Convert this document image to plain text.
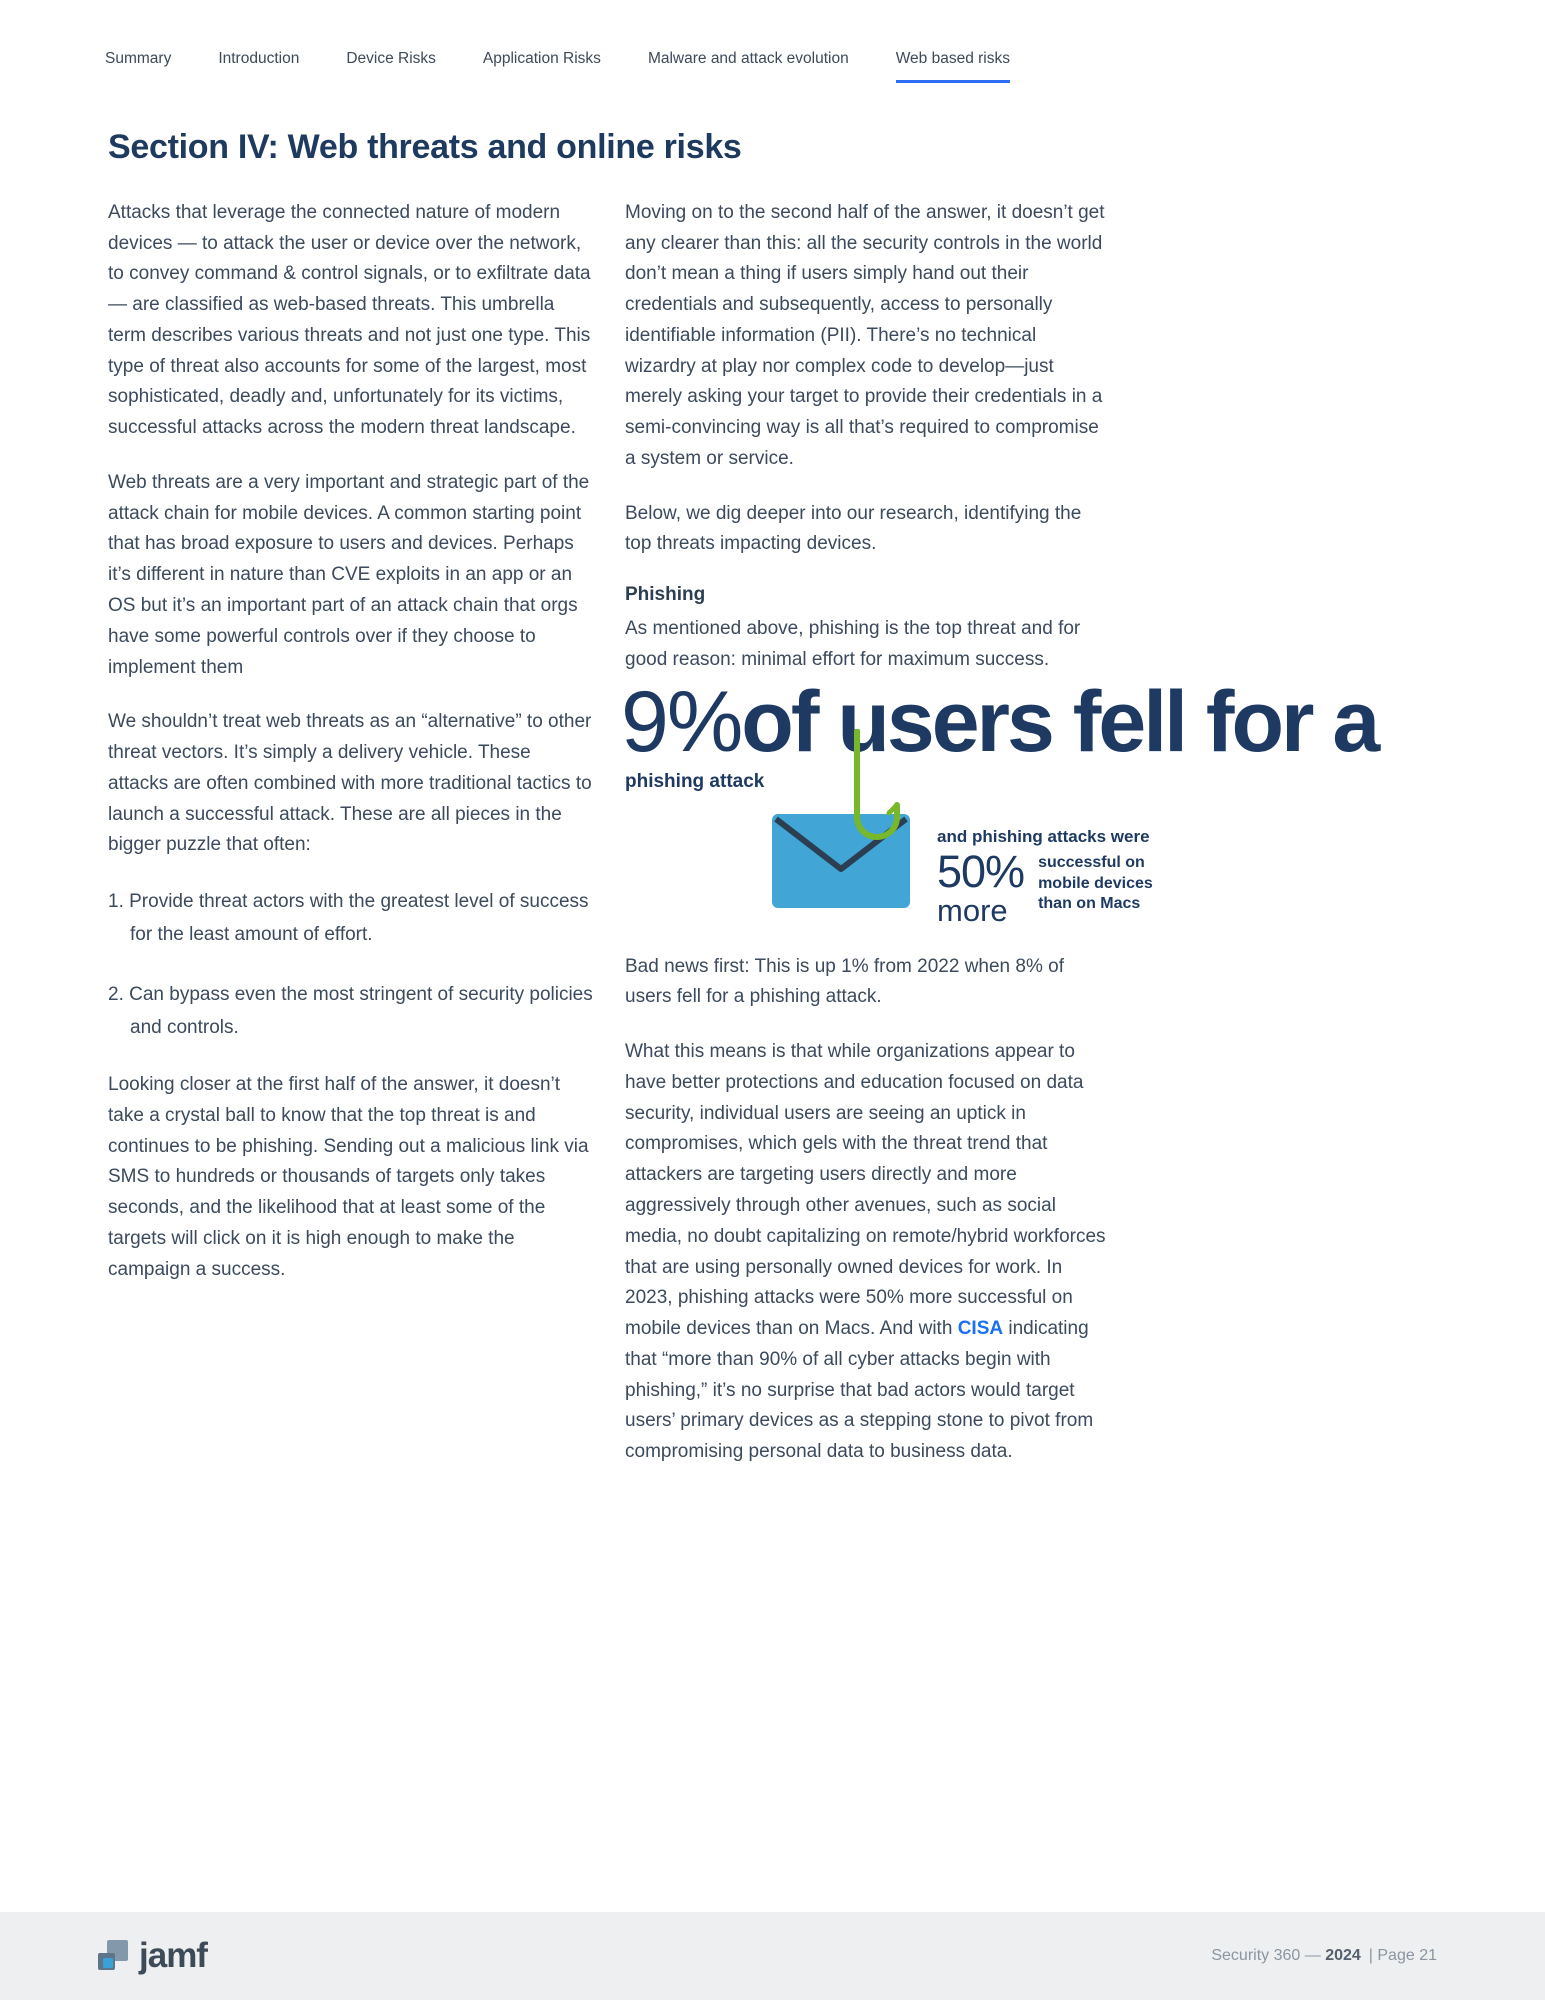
Summary	Introduction	Device Risks	Application Risks	Malware and attack evolution	Web based risks
Section IV: Web threats and online risks

Attacks that leverage the connected nature of modern devices — to attack the user or device over the network, to convey command & control signals, or to exfiltrate data — are classified as web-based threats. This umbrella term describes various threats and not just one type. This type of threat also accounts for some of the largest, most sophisticated, deadly and, unfortunately for its victims, successful attacks across the modern threat landscape.

Web threats are a very important and strategic part of the attack chain for mobile devices. A common starting point that has broad exposure to users and devices. Perhaps it’s different in nature than CVE exploits in an app or an OS but it’s an important part of an attack chain that orgs have some powerful controls over if they choose to implement them

We shouldn’t treat web threats as an “alternative” to other threat vectors. It’s simply a delivery vehicle. These attacks are often combined with more traditional tactics to launch a successful attack. These are all pieces in the bigger puzzle that often:

1. Provide threat actors with the greatest level of success for the least amount of effort.

2. Can bypass even the most stringent of security policies and controls.

Looking closer at the first half of the answer, it doesn’t take a crystal ball to know that the top threat is and continues to be phishing. Sending out a malicious link via SMS to hundreds or thousands of targets only takes seconds, and the likelihood that at least some of the targets will click on it is high enough to make the campaign a success.

Moving on to the second half of the answer, it doesn’t get any clearer than this: all the security controls in the world don’t mean a thing if users simply hand out their credentials and subsequently, access to personally identifiable information (PII). There’s no technical wizardry at play nor complex code to develop—just merely asking your target to provide their credentials in a semi-convincing way is all that’s required to compromise a system or service.

Below, we dig deeper into our research, identifying the top threats impacting devices.

Phishing

As mentioned above, phishing is the top threat and for good reason: minimal effort for maximum success.

9%of users fell for a
phishing attack
and phishing attacks were
50%
more
successful on mobile devices than on Macs

Bad news first: This is up 1% from 2022 when 8% of users fell for a phishing attack.

What this means is that while organizations appear to have better protections and education focused on data security, individual users are seeing an uptick in compromises, which gels with the threat trend that attackers are targeting users directly and more aggressively through other avenues, such as social media, no doubt capitalizing on remote/hybrid workforces that are using personally owned devices for work. In 2023, phishing attacks were 50% more successful on mobile devices than on Macs. And with CISA indicating that “more than 90% of all cyber attacks begin with phishing,” it’s no surprise that bad actors would target users’ primary devices as a stepping stone to pivot from compromising personal data to business data.

jamf	Security 360 — 2024 | Page 21
